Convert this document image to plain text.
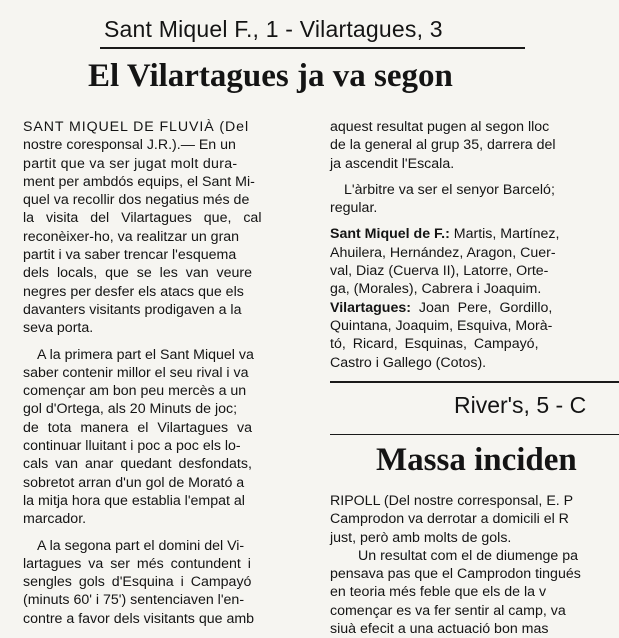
Sant Miquel F., 1 - Vilartagues, 3
El Vilartagues ja va segon

SANT MIQUEL DE FLUVIÀ (Del
nostre coresponsal J.R.).— En un
partit que va ser jugat molt dura-
ment per ambdós equips, el Sant Mi-
quel va recollir dos negatius més de
la visita del Vilartagues que, cal
reconèixer-ho, va realitzar un gran
partit i va saber trencar l'esquema
dels locals, que se les van veure
negres per desfer els atacs que els
davanters visitants prodigaven a la
seva porta.

A la primera part el Sant Miquel va
saber contenir millor el seu rival i va
començar am bon peu mercès a un
gol d'Ortega, als 20 Minuts de joc;
de tota manera el Vilartagues va
continuar lluitant i poc a poc els lo-
cals van anar quedant desfondats,
sobretot arran d'un gol de Morató a
la mitja hora que establia l'empat al
marcador.

A la segona part el domini del Vi-
lartagues va ser més contundent i
sengles gols d'Esquina i Campayó
(minuts 60' i 75') sentenciaven l'en-
contre a favor dels visitants que amb

aquest resultat pugen al segon lloc
de la general al grup 35, darrera del
ja ascendit l'Escala.

L'àrbitre va ser el senyor Barceló;
regular.

Sant Miquel de F.: Martis, Martínez,
Ahuilera, Hernández, Aragon, Cuer-
val, Diaz (Cuerva II), Latorre, Orte-
ga, (Morales), Cabrera i Joaquim.

Vilartagues: Joan Pere, Gordillo,
Quintana, Joaquim, Esquiva, Morà-
tó, Ricard, Esquinas, Campayó,
Castro i Gallego (Cotos).

River's, 5 - C
Massa inciden

RIPOLL (Del nostre corresponsal, E. P
Camprodon va derrotar a domicili el R
just, però amb molts de gols.

Un resultat com el de diumenge pa
pensava pas que el Camprodon tingués
en teoria més feble que els de la v
començar es va fer sentir al camp, va
siuà efecit a una actuació bon mas
